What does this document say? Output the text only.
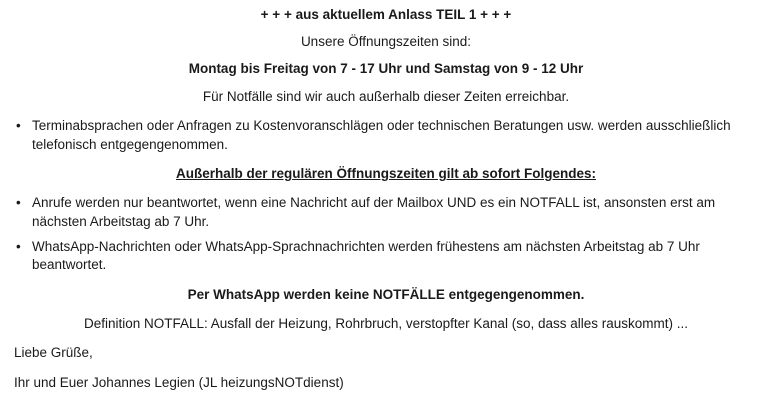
+ + + aus aktuellem Anlass TEIL 1 + + +
Unsere Öffnungszeiten sind:
Montag bis Freitag von 7 - 17 Uhr und Samstag von 9 - 12 Uhr
Für Notfälle sind wir auch außerhalb dieser Zeiten erreichbar.
• Terminabsprachen oder Anfragen zu Kostenvoranschlägen oder technischen Beratungen usw. werden ausschließlich telefonisch entgegengenommen.
Außerhalb der regulären Öffnungszeiten gilt ab sofort Folgendes:
• Anrufe werden nur beantwortet, wenn eine Nachricht auf der Mailbox UND es ein NOTFALL ist, ansonsten erst am nächsten Arbeitstag ab 7 Uhr.
• WhatsApp-Nachrichten oder WhatsApp-Sprachnachrichten werden frühestens am nächsten Arbeitstag ab 7 Uhr beantwortet.
Per WhatsApp werden keine NOTFÄLLE entgegengenommen.
Definition NOTFALL: Ausfall der Heizung, Rohrbruch, verstopfter Kanal (so, dass alles rauskommt) ...
Liebe Grüße,
Ihr und Euer Johannes Legien (JL heizungsNOTdienst)
